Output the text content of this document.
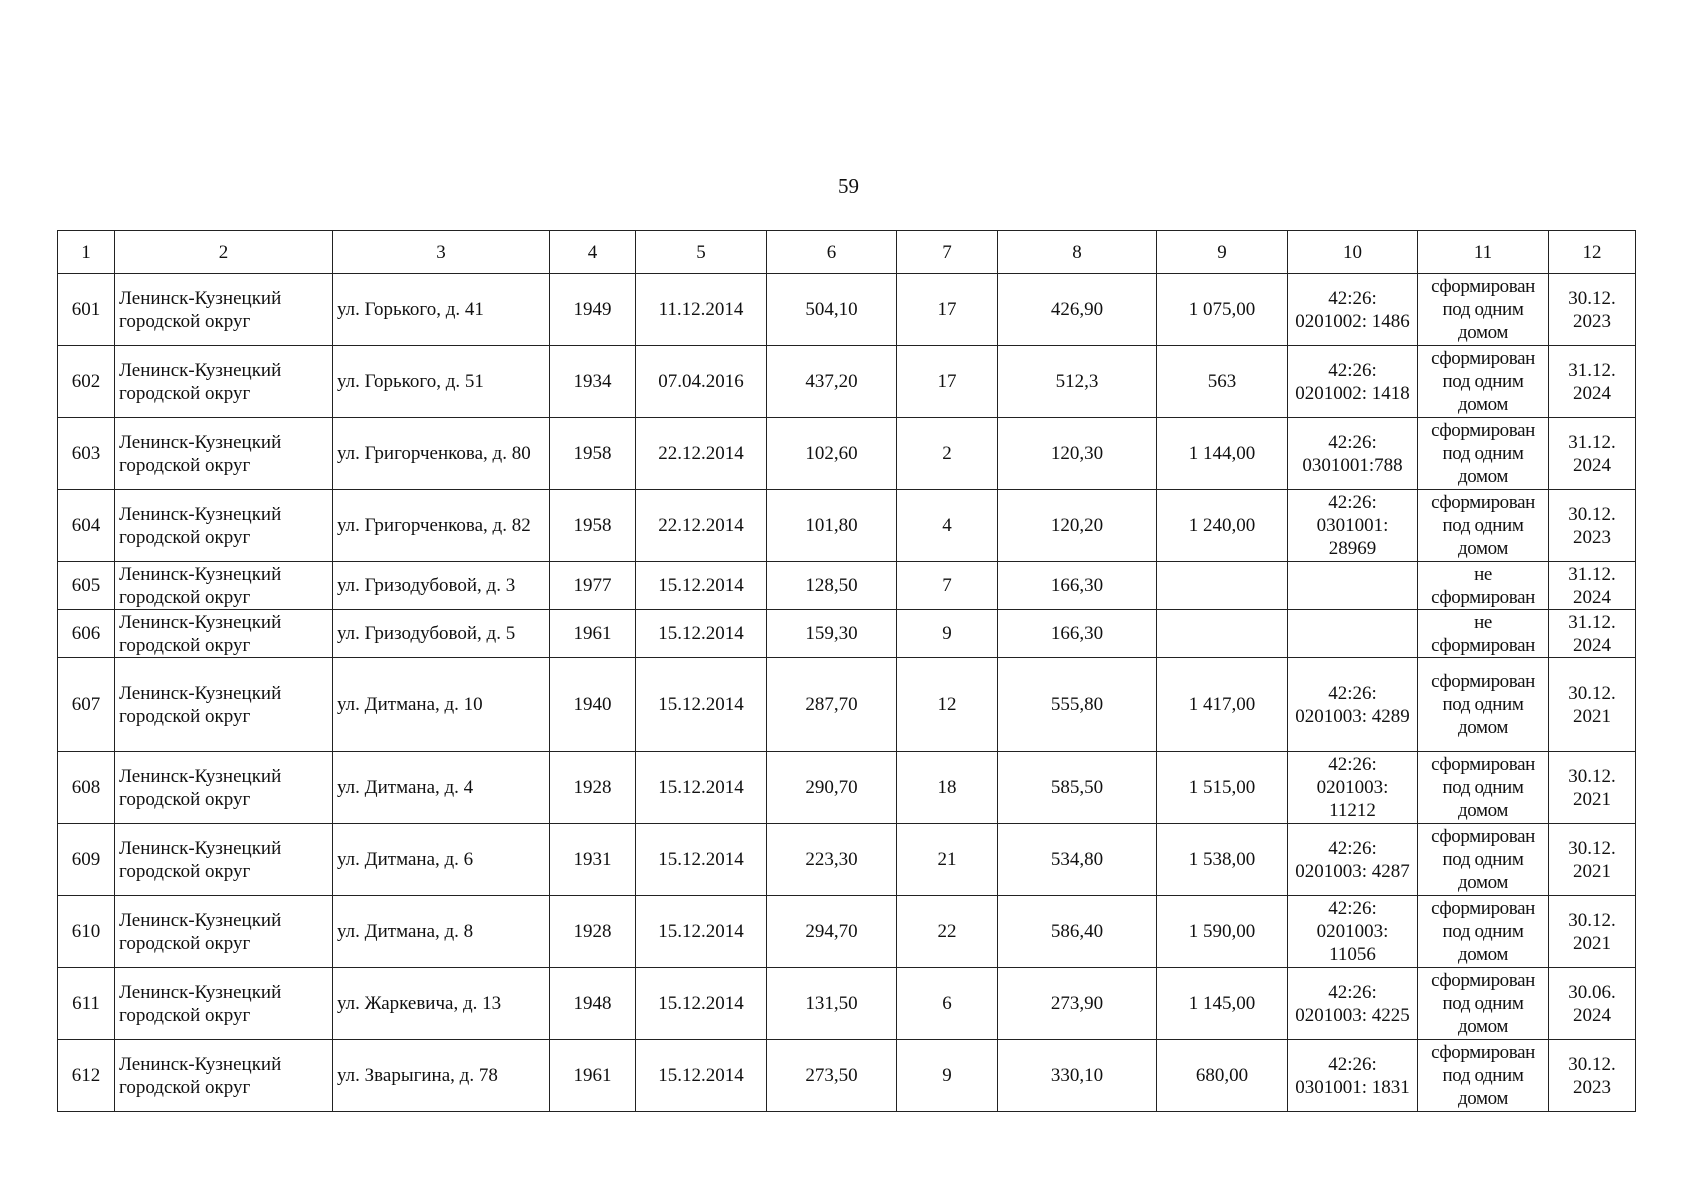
59
1	2	3	4	5	6	7	8	9	10	11	12
601	Ленинск-Кузнецкий городской округ	ул. Горького, д. 41	1949	11.12.2014	504,10	17	426,90	1 075,00	42:26: 0201002: 1486	сформирован под одним домом	30.12. 2023
602	Ленинск-Кузнецкий городской округ	ул. Горького, д. 51	1934	07.04.2016	437,20	17	512,3	563	42:26: 0201002: 1418	сформирован под одним домом	31.12. 2024
603	Ленинск-Кузнецкий городской округ	ул. Григорченкова, д. 80	1958	22.12.2014	102,60	2	120,30	1 144,00	42:26: 0301001:788	сформирован под одним домом	31.12. 2024
604	Ленинск-Кузнецкий городской округ	ул. Григорченкова, д. 82	1958	22.12.2014	101,80	4	120,20	1 240,00	42:26: 0301001: 28969	сформирован под одним домом	30.12. 2023
605	Ленинск-Кузнецкий городской округ	ул. Гризодубовой, д. 3	1977	15.12.2014	128,50	7	166,30			не сформирован	31.12. 2024
606	Ленинск-Кузнецкий городской округ	ул. Гризодубовой, д. 5	1961	15.12.2014	159,30	9	166,30			не сформирован	31.12. 2024
607	Ленинск-Кузнецкий городской округ	ул. Дитмана, д. 10	1940	15.12.2014	287,70	12	555,80	1 417,00	42:26: 0201003: 4289	сформирован под одним домом	30.12. 2021
608	Ленинск-Кузнецкий городской округ	ул. Дитмана, д. 4	1928	15.12.2014	290,70	18	585,50	1 515,00	42:26: 0201003: 11212	сформирован под одним домом	30.12. 2021
609	Ленинск-Кузнецкий городской округ	ул. Дитмана, д. 6	1931	15.12.2014	223,30	21	534,80	1 538,00	42:26: 0201003: 4287	сформирован под одним домом	30.12. 2021
610	Ленинск-Кузнецкий городской округ	ул. Дитмана, д. 8	1928	15.12.2014	294,70	22	586,40	1 590,00	42:26: 0201003: 11056	сформирован под одним домом	30.12. 2021
611	Ленинск-Кузнецкий городской округ	ул. Жаркевича, д. 13	1948	15.12.2014	131,50	6	273,90	1 145,00	42:26: 0201003: 4225	сформирован под одним домом	30.06. 2024
612	Ленинск-Кузнецкий городской округ	ул. Зварыгина, д. 78	1961	15.12.2014	273,50	9	330,10	680,00	42:26: 0301001: 1831	сформирован под одним домом	30.12. 2023
